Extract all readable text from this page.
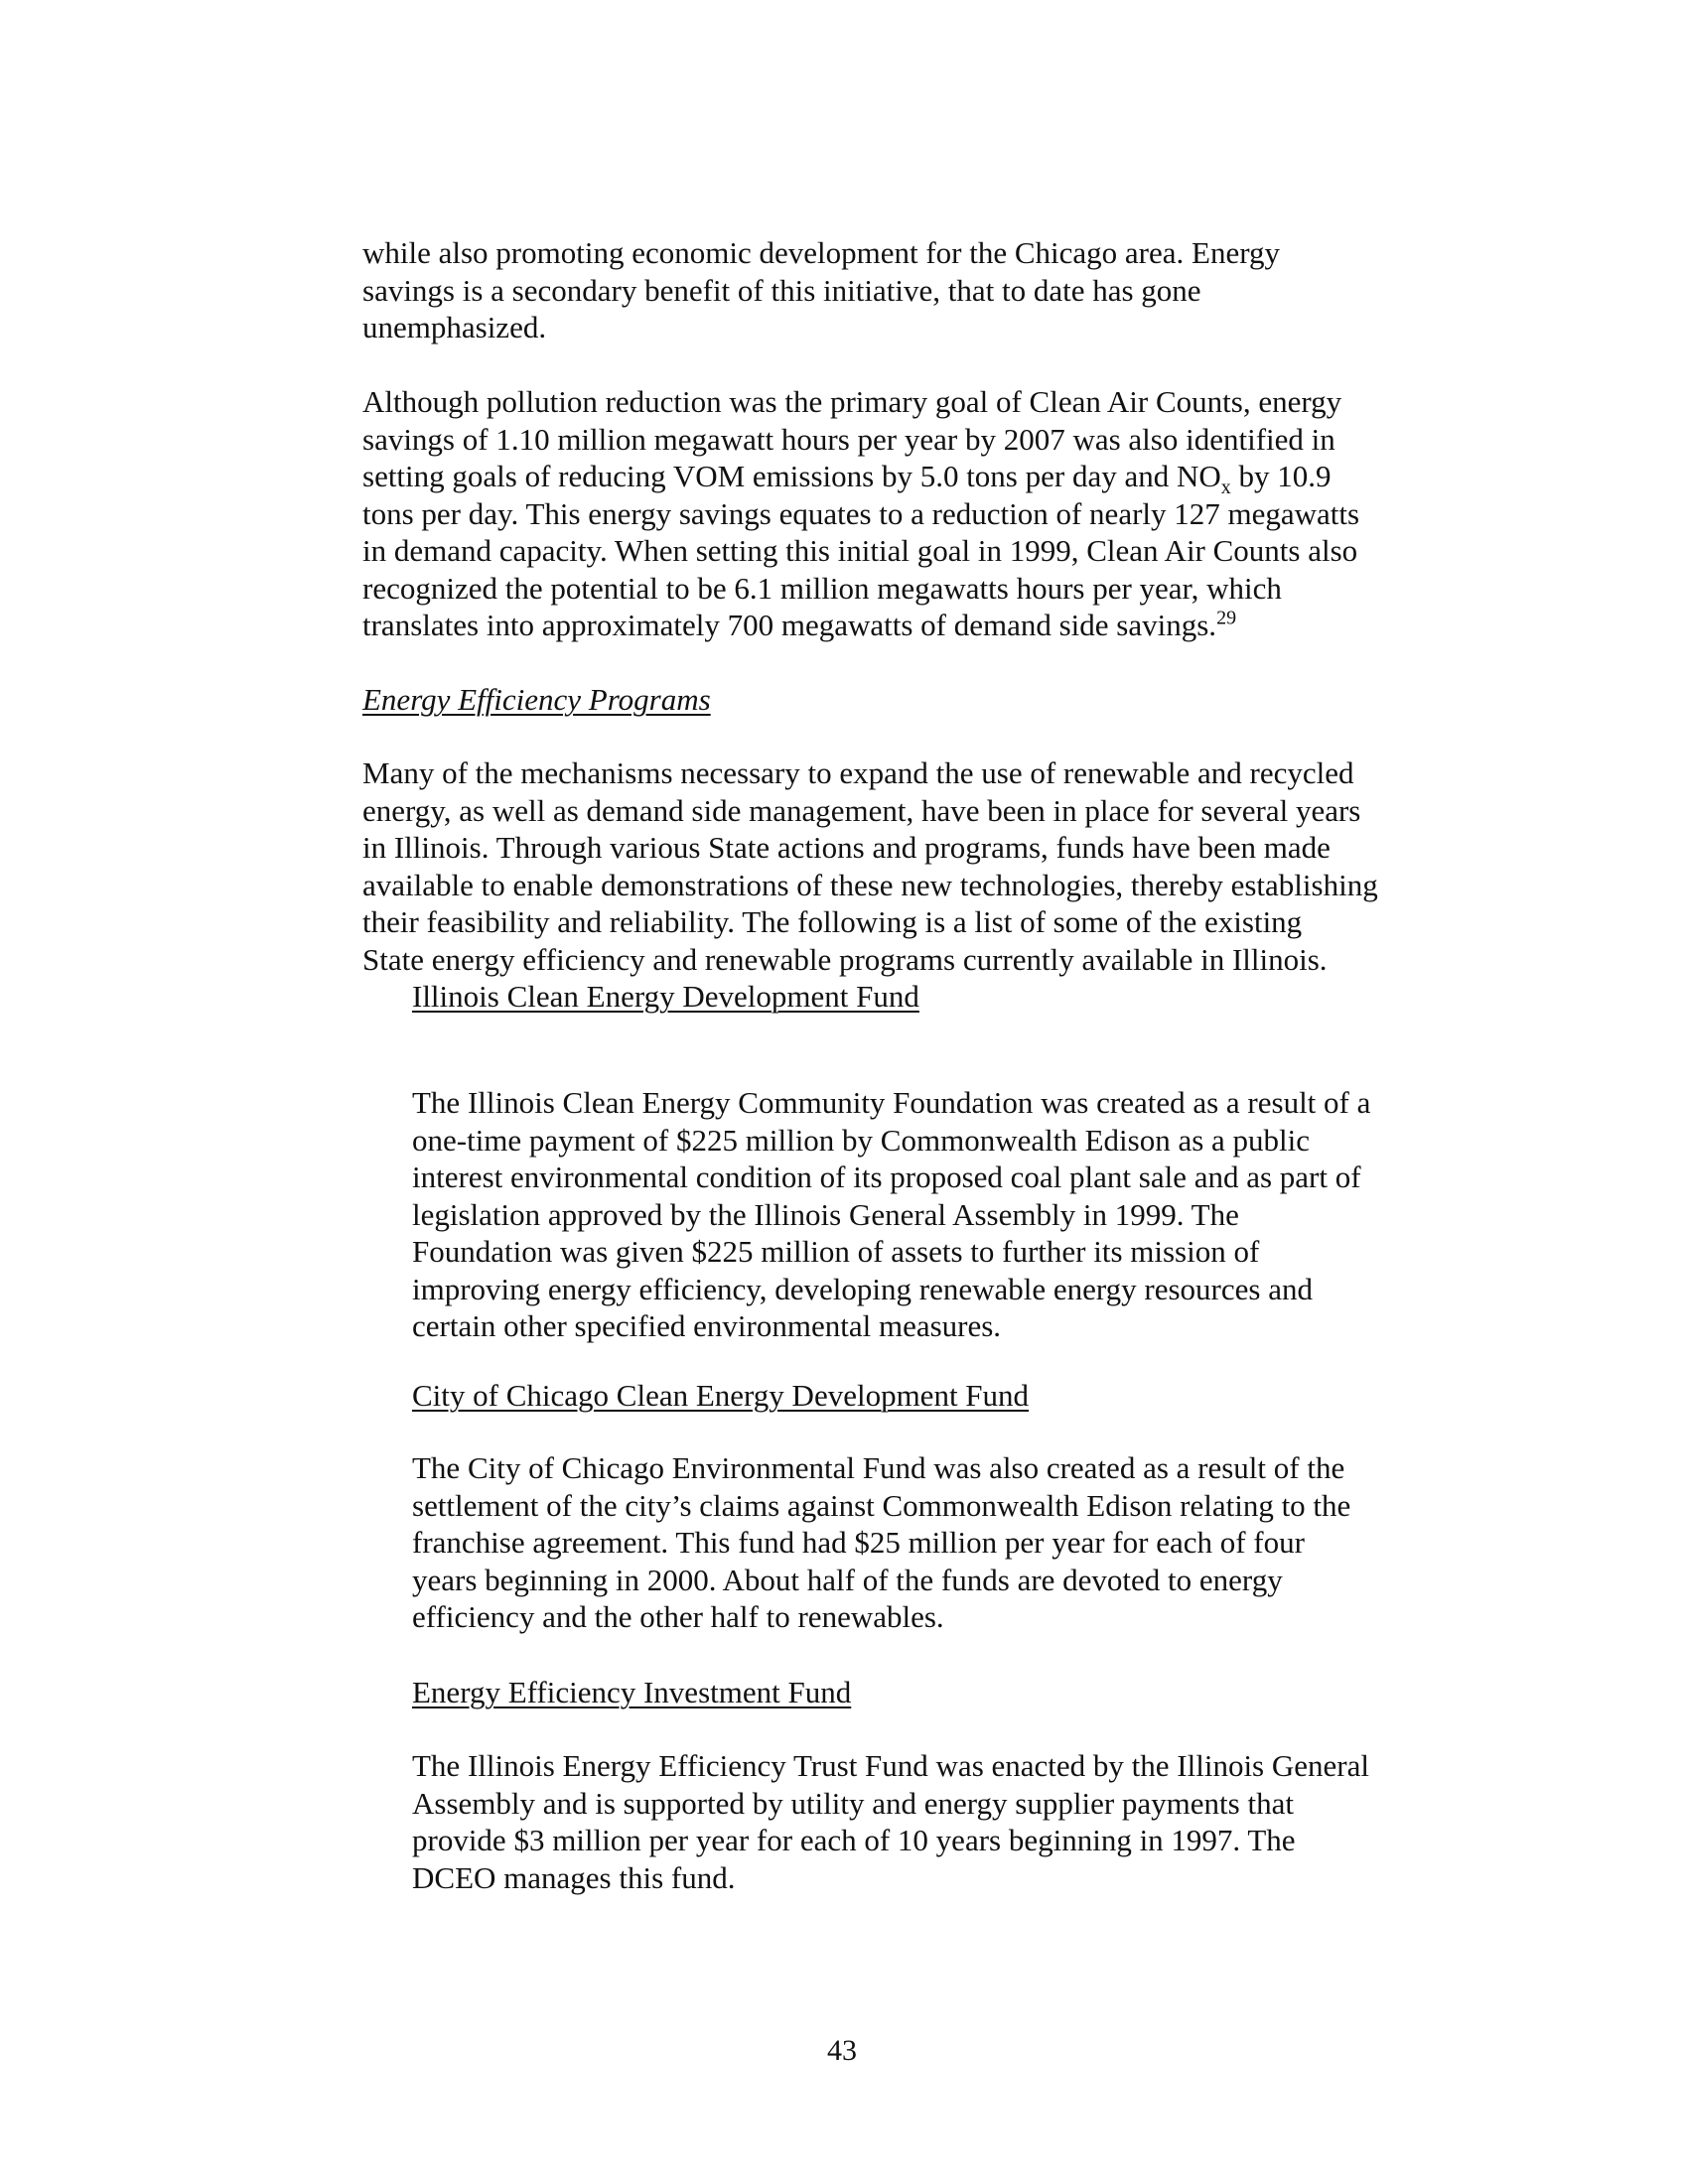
while also promoting economic development for the Chicago area. Energy
savings is a secondary benefit of this initiative, that to date has gone
unemphasized.

Although pollution reduction was the primary goal of Clean Air Counts, energy
savings of 1.10 million megawatt hours per year by 2007 was also identified in
setting goals of reducing VOM emissions by 5.0 tons per day and $NO_x$ by 10.9
tons per day. This energy savings equates to a reduction of nearly 127 megawatts
in demand capacity. When setting this initial goal in 1999, Clean Air Counts also
recognized the potential to be 6.1 million megawatts hours per year, which
translates into approximately 700 megawatts of demand side savings.$^{29}$

Energy Efficiency Programs

Many of the mechanisms necessary to expand the use of renewable and recycled
energy, as well as demand side management, have been in place for several years
in Illinois. Through various State actions and programs, funds have been made
available to enable demonstrations of these new technologies, thereby establishing
their feasibility and reliability. The following is a list of some of the existing
State energy efficiency and renewable programs currently available in Illinois.

Illinois Clean Energy Development Fund

The Illinois Clean Energy Community Foundation was created as a result of a
one-time payment of $225 million by Commonwealth Edison as a public
interest environmental condition of its proposed coal plant sale and as part of
legislation approved by the Illinois General Assembly in 1999. The
Foundation was given $225 million of assets to further its mission of
improving energy efficiency, developing renewable energy resources and
certain other specified environmental measures.

City of Chicago Clean Energy Development Fund

The City of Chicago Environmental Fund was also created as a result of the
settlement of the city’s claims against Commonwealth Edison relating to the
franchise agreement. This fund had $25 million per year for each of four
years beginning in 2000. About half of the funds are devoted to energy
efficiency and the other half to renewables.

Energy Efficiency Investment Fund

The Illinois Energy Efficiency Trust Fund was enacted by the Illinois General
Assembly and is supported by utility and energy supplier payments that
provide $3 million per year for each of 10 years beginning in 1997. The
DCEO manages this fund.

43
